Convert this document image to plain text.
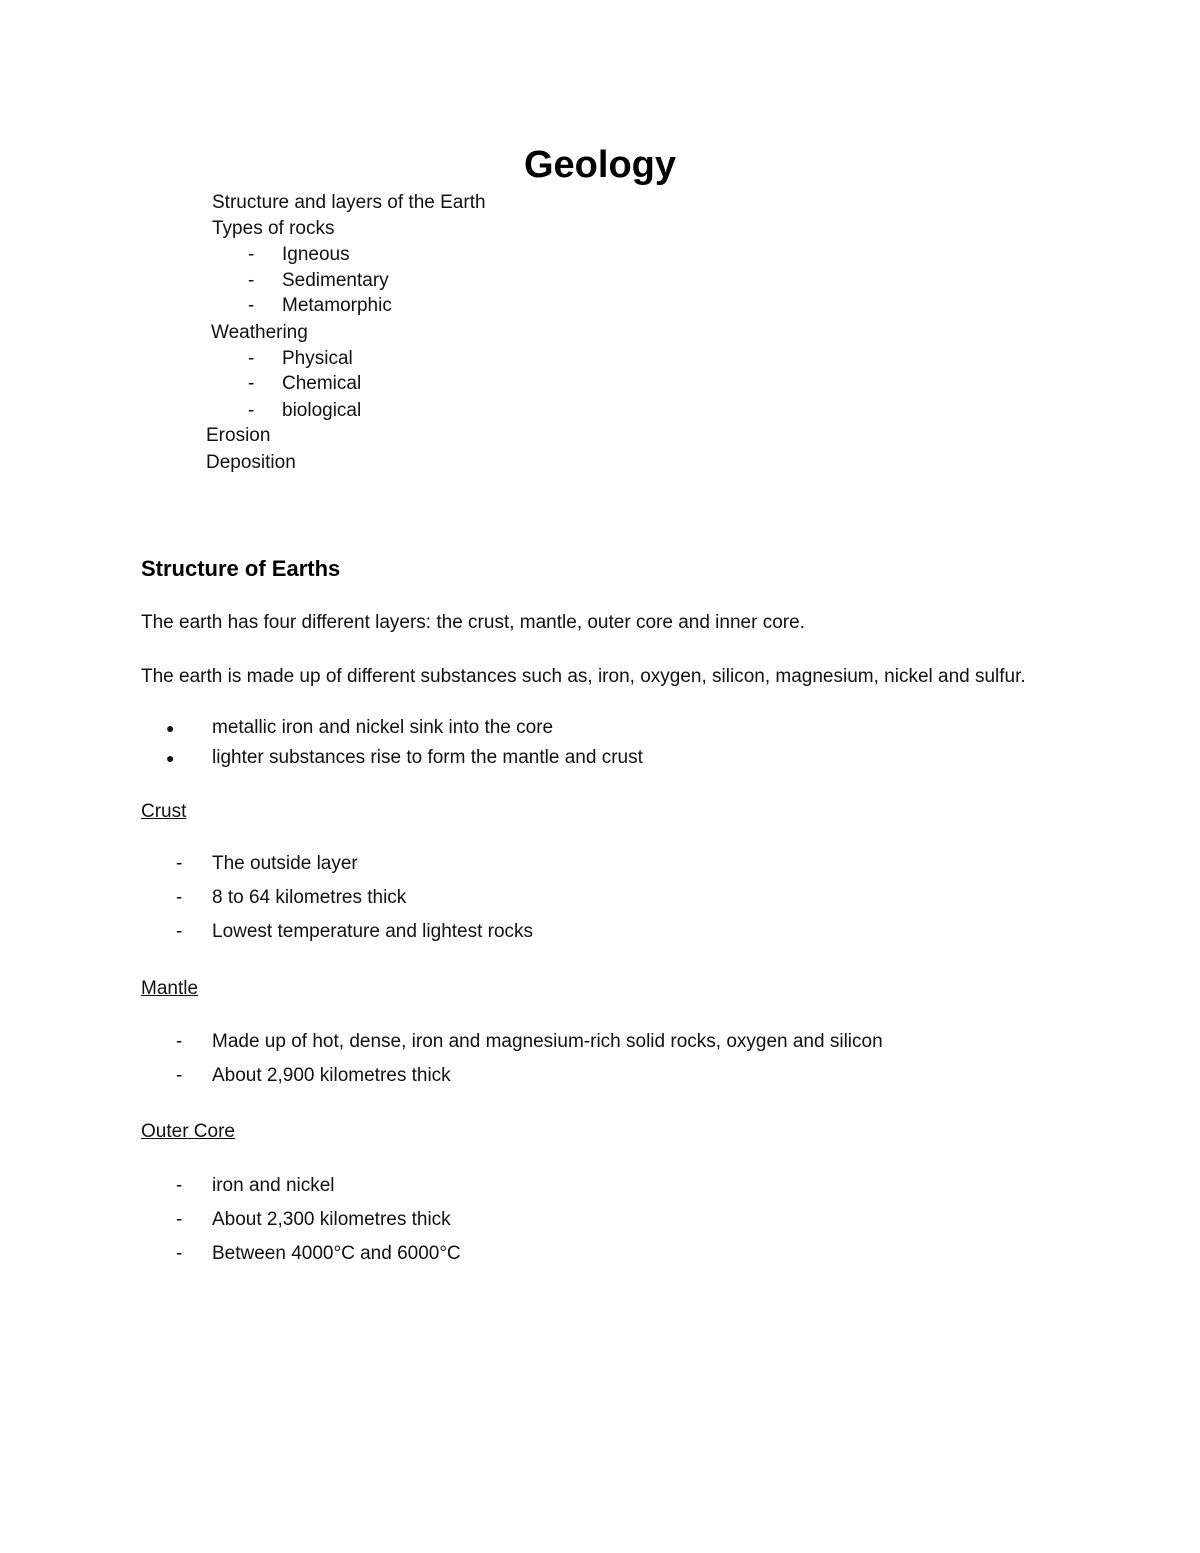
Geology
Structure and layers of the Earth
Types of rocks
-	Igneous
-	Sedimentary
-	Metamorphic
Weathering
-	Physical
-	Chemical
-	biological
Erosion
Deposition
Structure of Earths
The earth has four different layers: the crust, mantle, outer core and inner core.
The earth is made up of different substances such as, iron, oxygen, silicon, magnesium, nickel and sulfur.
● metallic iron and nickel sink into the core
● lighter substances rise to form the mantle and crust
Crust
-	The outside layer
-	8 to 64 kilometres thick
-	Lowest temperature and lightest rocks
Mantle
-	Made up of hot, dense, iron and magnesium-rich solid rocks, oxygen and silicon
-	About 2,900 kilometres thick
Outer Core
-	iron and nickel
-	About 2,300 kilometres thick
-	Between 4000°C and 6000°C
